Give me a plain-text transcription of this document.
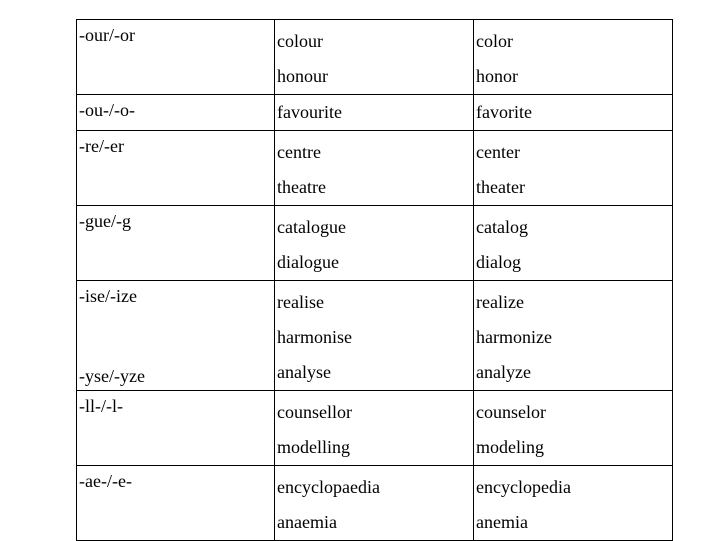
-our/-or	colour	color

	honour	honor

-ou-/-o-	favourite	favorite

-re/-er	centre	center

	theatre	theater

-gue/-g	catalogue	catalog

	dialogue	dialog

-ise/-ize	realise	realize

	harmonise	harmonize

-yse/-yze	analyse	analyze

-ll-/-l-	counsellor	counselor

	modelling	modeling

-ae-/-e-	encyclopaedia	encyclopedia

	anaemia	anemia
